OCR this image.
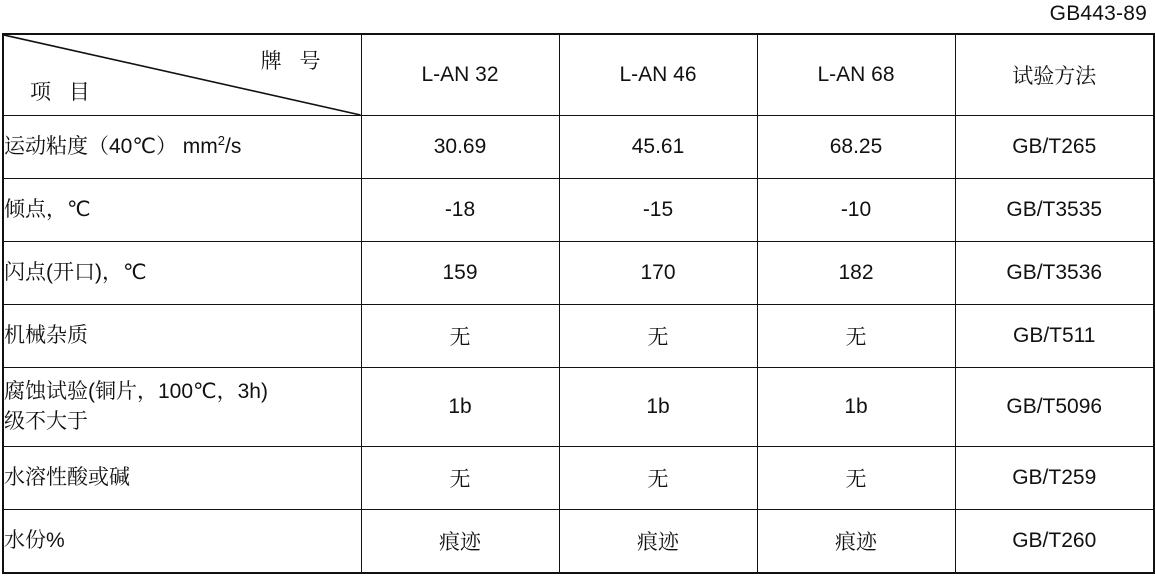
GB443-89
牌 号
项 目	L-AN 32	L-AN 46	L-AN 68	试验方法
运动粘度（40℃） $mm^2/s$	30.69	45.61	68.25	GB/T265
倾点，℃	-18	-15	-10	GB/T3535
闪点(开口)，℃	159	170	182	GB/T3536
机械杂质	无	无	无	GB/T511

腐蚀试验(铜片，100℃，3h)
级不大于	1b	1b	1b	GB/T5096
水溶性酸或碱	无	无	无	GB/T259
水份%	痕迹	痕迹	痕迹	GB/T260
